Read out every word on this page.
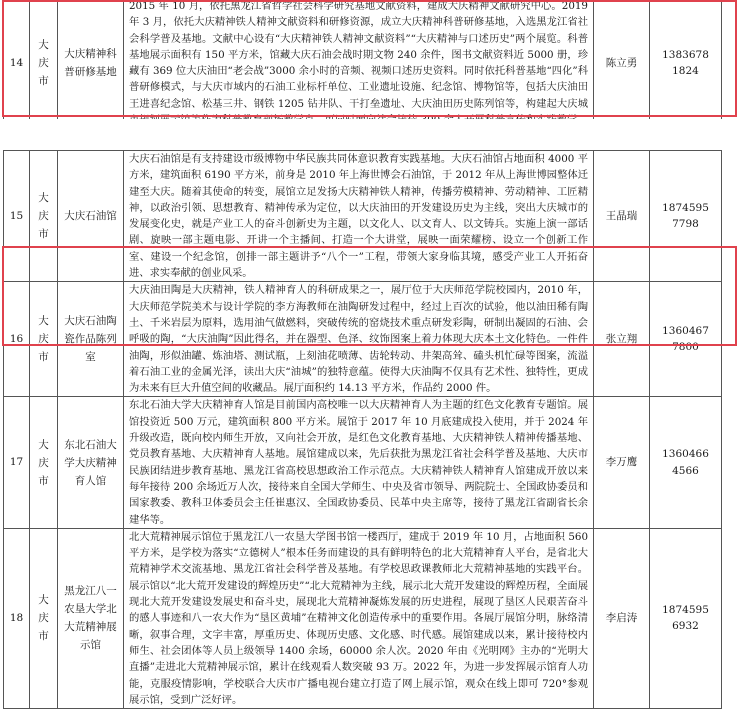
14	大庆市	大庆精神科普研修基地	2015 年 10 月，依托黑龙江省哲学社会科学研究基地文献资料，建成大庆精神文献研究中心。2019 年 3 月，依托大庆精神铁人精神文献资料和研修资源，成立大庆精神科普研修基地，入选黑龙江省社会科学普及基地。文献中心设有“大庆精神铁人精神文献资料”“大庆精神与口述历史”两个展览。科普基地展示面积有 150 平方米，馆藏大庆石油会战时期文物 240 余件，图书文献资料近 5000 册，珍藏有 369 位大庆油田“老会战”3000 余小时的音频、视频口述历史资料。同时依托科普基地“四化”科普研修模式，与大庆市域内的石油工业标杆单位、工业遗址设施、纪念馆、博物馆等，包括大庆油田王进喜纪念馆、松基三井、钢铁 1205 钻井队、干打垒遗址、大庆油田历史陈列馆等，构建起大庆城	陈立勇	13836781824
15	大庆市	大庆石油馆	大庆石油馆是有支持建设市级博物中华民族共同体意识教育实践基地。大庆石油馆占地面积 4000 平方米，建筑面积 6190 平方米，前身是 2010 年上海世博会石油馆，于 2012 年从上海世博园整体迁建至大庆。随着其使命的转变，展馆立足发扬大庆精神铁人精神，传播劳模精神、劳动精神、工匠精神，以政治引领、思想教育、精神传承为定位，以大庆油田的开发建设历史为主线，突出大庆城市的发展变化史，就是产业工人的奋斗创新史为主题，以文化人、以文育人、以文铸兵。实施上演一部话剧、旋映一部主题电影、开讲一个主播间、打造一个大讲堂，展映一面荣耀榜、设立一个创新工作室、建设一个纪念馆，创排一部主题讲予“八个一”工程，带领大家身临其境，感受产业工人开拓奋进、求实奉献的创业风采。	王晶瑞	18745957798
16	大庆市	大庆石油陶瓷作品陈列室	大庆油田陶是大庆精神，铁人精神育人的科研成果之一，展厅位于大庆师范学院校园内，2010 年，大庆师范学院美术与设计学院的李方海教师在油陶研发过程中，经过上百次的试验，他以油田稀有陶土、千米岩层为原料，选用油气做燃料，突破传统的窑烧技术重点研发彩陶，研制出凝固的石油、会呼吸的陶，“大庆油陶”因此得名，并在器型、色泽、纹饰图案上着力体现大庆本土文化特色。一件件油陶，形似油罐、炼油塔、测试瓶，上刻油花喷薄、齿轮转动、井架高耸、磕头机忙碌等图案，流溢着石油工业的金属光泽，读出大庆“油城”的独特意蕴。使得大庆油陶不仅具有艺术性、独特性，更成为未来有巨大升值空间的收藏品。展厅面积约 14.13 平方米，作品约 2000 件。	张立翔	13604677800
17	大庆市	东北石油大学大庆精神育人馆	东北石油大学大庆精神育人馆是目前国内高校唯一以大庆精神育人为主题的红色文化教育专题馆。展馆投资近 500 万元，建筑面积 800 平方米。展馆于 2017 年 10 月底建成投入使用，并于 2024 年升级改造，既向校内师生开放，又向社会开放，是红色文化教育基地、大庆精神铁人精神传播基地、党员教育基地、大庆精神育人基地。展馆建成以来，先后获批为黑龙江省社会科学普及基地、大庆市民族团结进步教育基地、黑龙江省高校思想政治工作示范点。大庆精神铁人精神育人馆建成开放以来每年接待 200 余场近万人次，接待来自全国大学师生、中央及省市领导、两院院士、全国政协委员和国家教委、教科卫体委员会主任崔惠汉、全国政协委员、民革中央主席等，接待了黑龙江省副省长余建华等。	李万鹰	13604664566
18	大庆市	黑龙江八一农垦大学北大荒精神展示馆	北大荒精神展示馆位于黑龙江八一农垦大学图书馆一楼西厅，建成于 2019 年 10 月，占地面积 560 平方米，是学校为落实“立德树人”根本任务而建设的具有鲜明特色的北大荒精神育人平台，是省北大荒精神学术交流基地、黑龙江省社会科学普及基地。有学校思政课教师北大荒精神基地的实践平台。展示馆以“北大荒开发建设的辉煌历史”“北大荒精神为主线，展示北大荒开发建设的辉煌历程，全面展现北大荒开发建设发展史和奋斗史，展现北大荒精神凝炼发展的历史进程，展现了垦区人民艰苦奋斗的感人事迹和八一农大作为“垦区黄埔”在精神文化创造传承中的重要作用。各展厅展馆分明，脉络清晰，叙事合理，文字丰富，厚重历史、体现历史感、文化感、时代感。展馆建成以来，累计接待校内师生、社会团体等人员上级领导 1400 余场，60000 余人次。2020 年由《光明网》主办的“光明大直播”走进北大荒精神展示馆，累计在线观看人数突破 93 万。2022 年，为进一步发挥展示馆育人功能，克服疫情影响，学校联合大庆市广播电视台建立打造了网上展示馆，观众在线上即可 720°参观展示馆，受到广泛好评。	李启涛	18745956932
